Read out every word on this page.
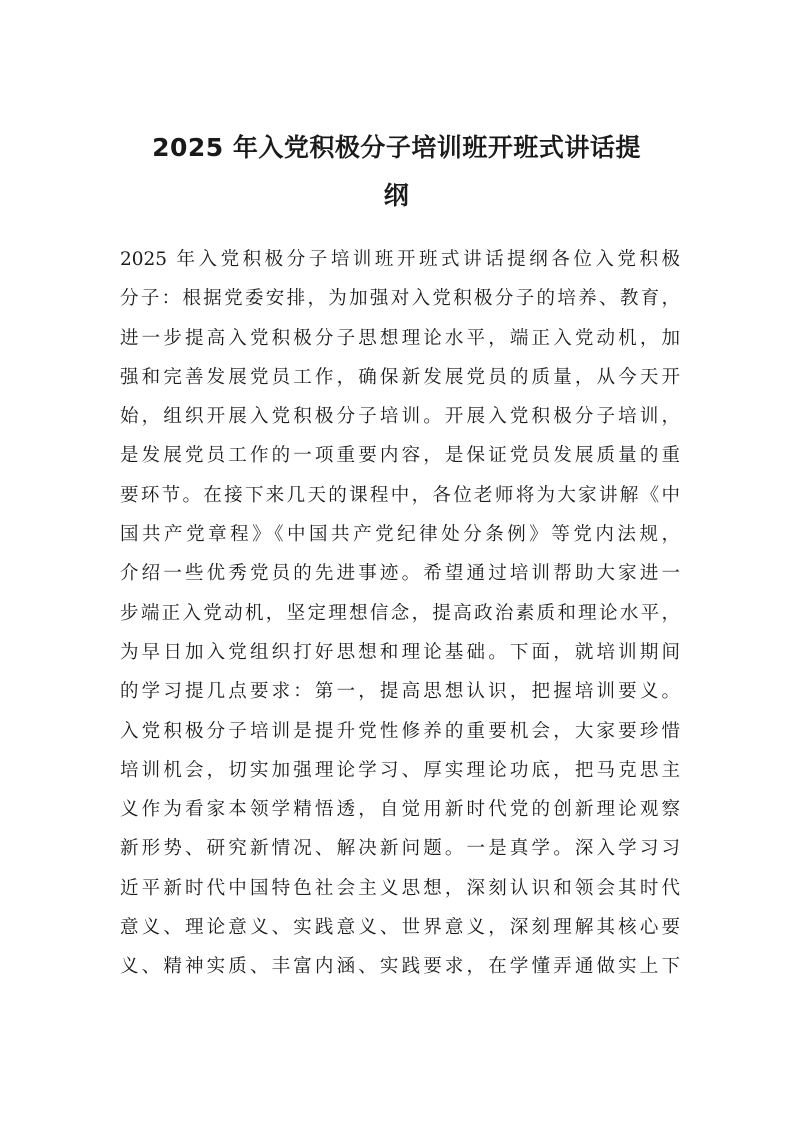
2025 年入党积极分子培训班开班式讲话提
纲
2025 年入党积极分子培训班开班式讲话提纲各位入党积极
分子：根据党委安排，为加强对入党积极分子的培养、教育，
进一步提高入党积极分子思想理论水平，端正入党动机，加
强和完善发展党员工作，确保新发展党员的质量，从今天开
始，组织开展入党积极分子培训。开展入党积极分子培训，
是发展党员工作的一项重要内容，是保证党员发展质量的重
要环节。在接下来几天的课程中，各位老师将为大家讲解《中
国共产党章程》《中国共产党纪律处分条例》等党内法规，
介绍一些优秀党员的先进事迹。希望通过培训帮助大家进一
步端正入党动机，坚定理想信念，提高政治素质和理论水平，
为早日加入党组织打好思想和理论基础。下面，就培训期间
的学习提几点要求：第一，提高思想认识，把握培训要义。
入党积极分子培训是提升党性修养的重要机会，大家要珍惜
培训机会，切实加强理论学习、厚实理论功底，把马克思主
义作为看家本领学精悟透，自觉用新时代党的创新理论观察
新形势、研究新情况、解决新问题。一是真学。深入学习习
近平新时代中国特色社会主义思想，深刻认识和领会其时代
意义、理论意义、实践意义、世界意义，深刻理解其核心要
义、精神实质、丰富内涵、实践要求，在学懂弄通做实上下
